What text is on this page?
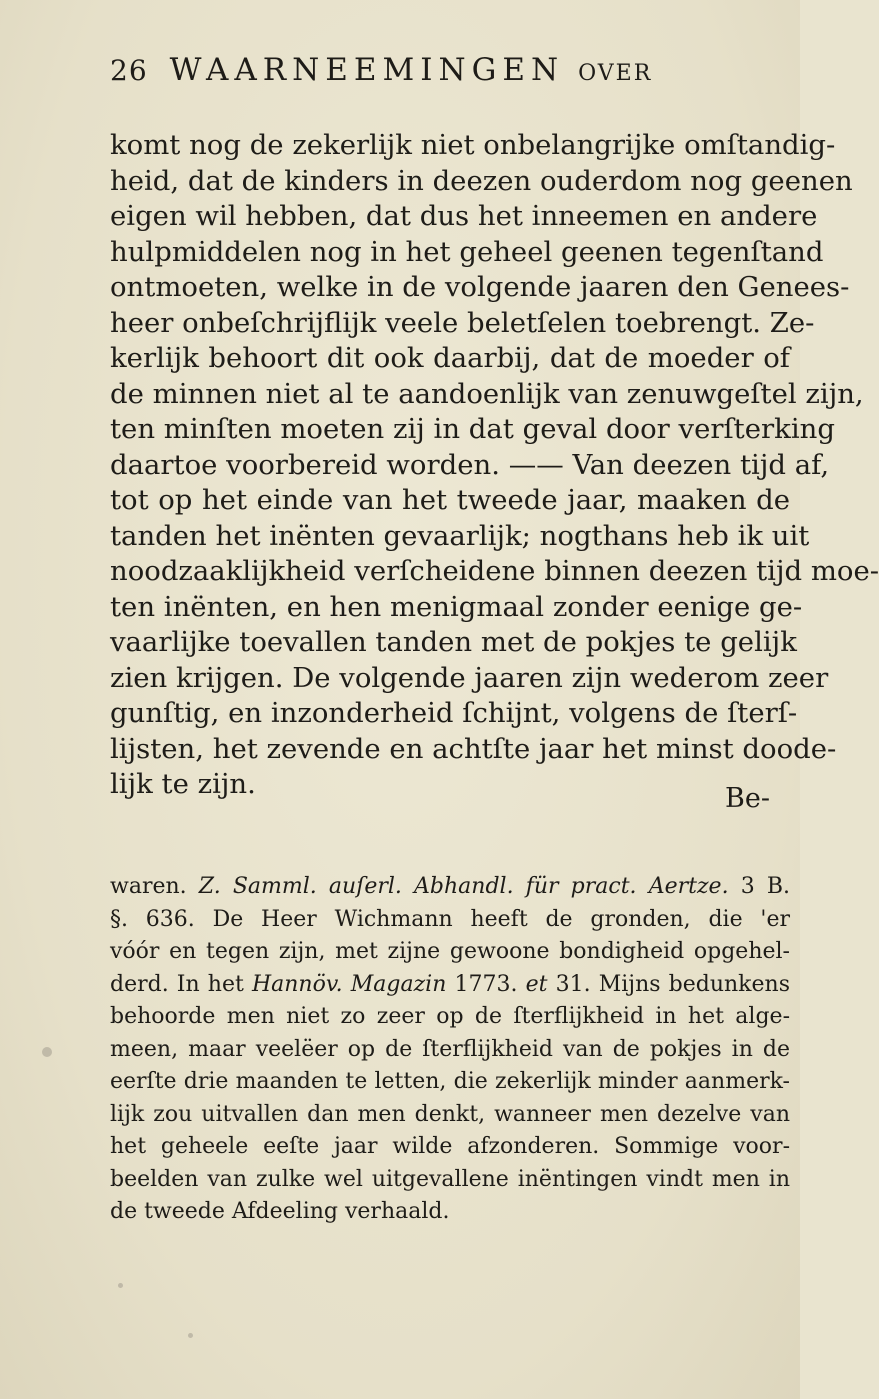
26 WAARNEEMINGEN OVER
komt nog de zekerlijk niet onbelangrijke omſtandig-
heid, dat de kinders in deezen ouderdom nog geenen
eigen wil hebben, dat dus het inneemen en andere
hulpmiddelen nog in het geheel geenen tegenſtand
ontmoeten, welke in de volgende jaaren den Genees-
heer onbeſchrijflijk veele beletſelen toebrengt. Ze-
kerlijk behoort dit ook daarbij, dat de moeder of
de minnen niet al te aandoenlijk van zenuwgeſtel zijn,
ten minſten moeten zij in dat geval door verſterking
daartoe voorbereid worden. —— Van deezen tijd af,
tot op het einde van het tweede jaar, maaken de
tanden het inënten gevaarlijk; nogthans heb ik uit
noodzaaklijkheid verſcheidene binnen deezen tijd moe-
ten inënten, en hen menigmaal zonder eenige ge-
vaarlijke toevallen tanden met de pokjes te gelijk
zien krijgen. De volgende jaaren zijn wederom zeer
gunſtig, en inzonderheid ſchijnt, volgens de ſterſ-
lijsten, het zevende en achtſte jaar het minst doode-
lijk te zijn.	Be-
waren. Z. Samml. auſerl. Abhandl. für pract. Aertze. 3 B.
§. 636. De Heer Wichmann heeft de gronden, die 'er
vóór en tegen zijn, met zijne gewoone bondigheid opgehel-
derd. In het Hannöv. Magazin 1773. et 31. Mijns bedunkens
behoorde men niet zo zeer op de ſterflijkheid in het alge-
meen, maar veelëer op de ſterflijkheid van de pokjes in de
eerſte drie maanden te letten, die zekerlijk minder aanmerk-
lijk zou uitvallen dan men denkt, wanneer men dezelve van
het geheele eeſte jaar wilde afzonderen. Sommige voor-
beelden van zulke wel uitgevallene inëntingen vindt men in
de tweede Afdeeling verhaald.
